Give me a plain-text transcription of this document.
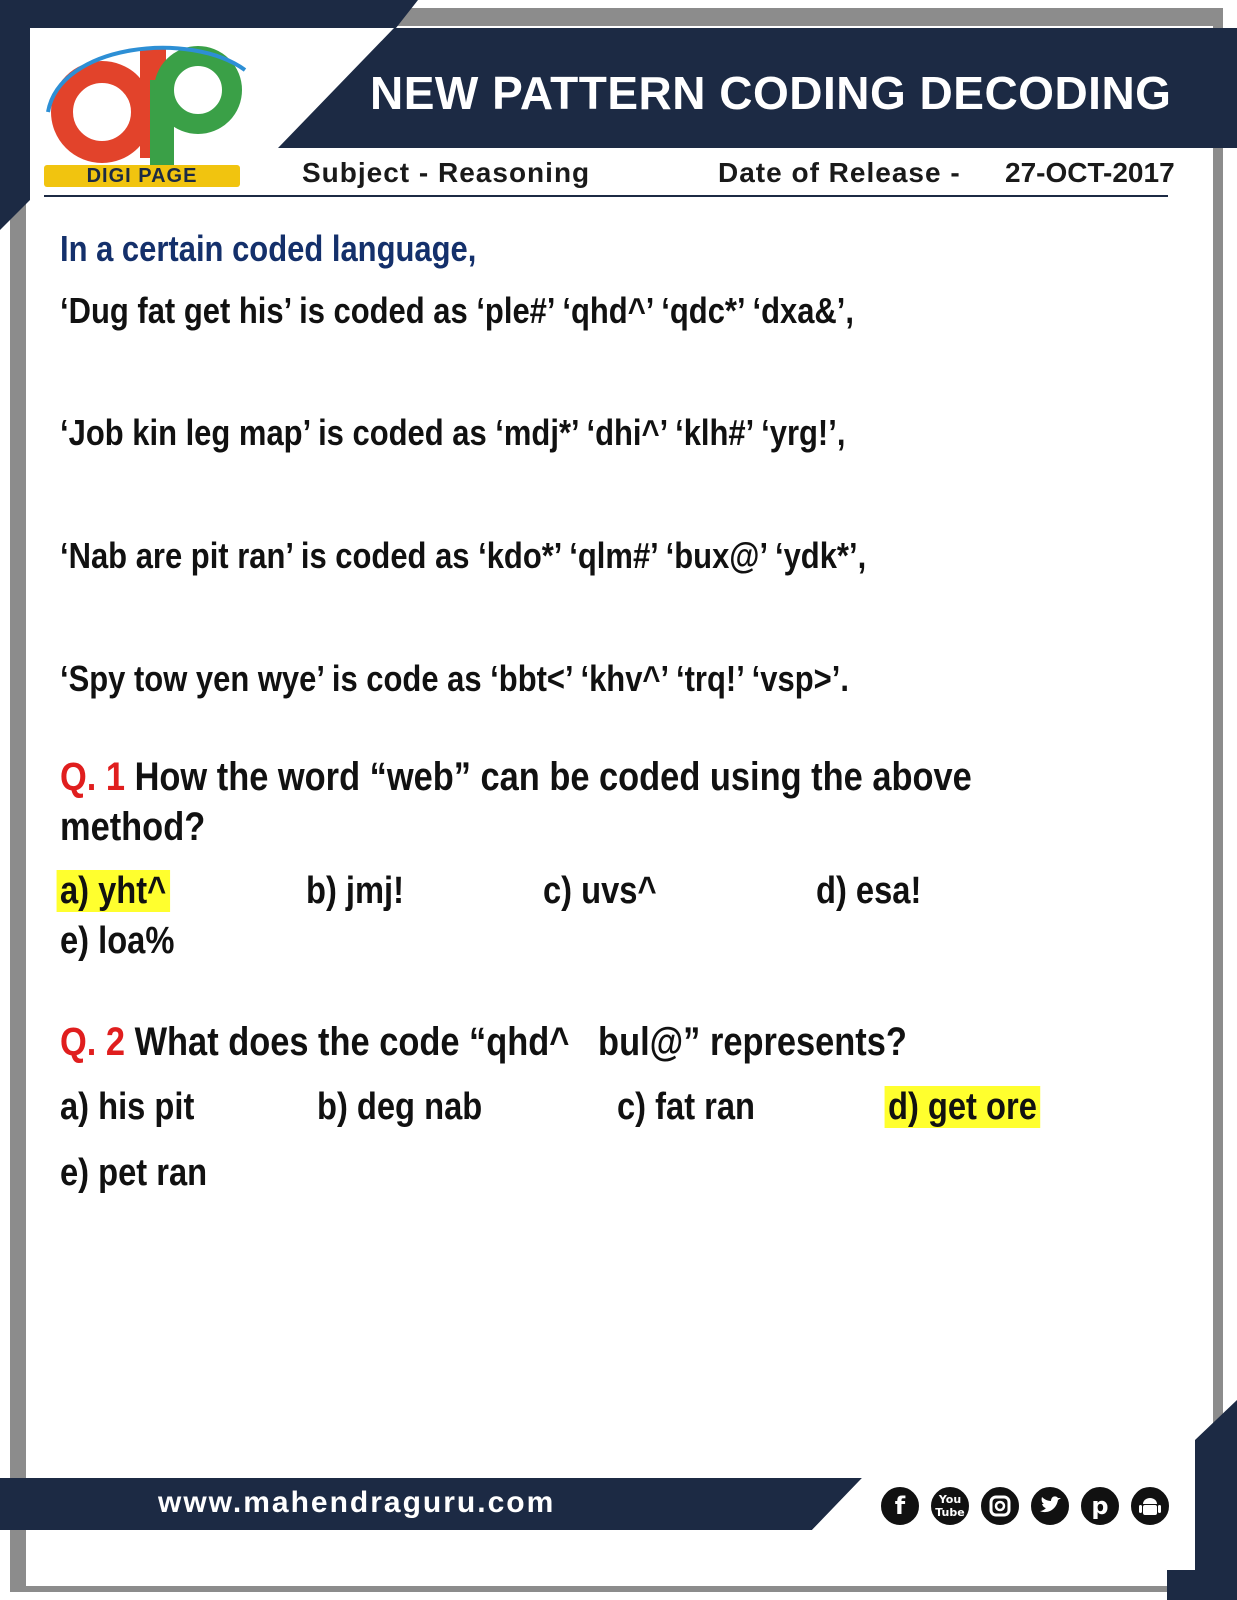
NEW PATTERN CODING DECODING
DIGI PAGE	Subject - Reasoning	Date of Release - 27-OCT-2017
In a certain coded language,
‘Dug fat get his’ is coded as ‘ple#’ ‘qhd^’ ‘qdc*’ ‘dxa&’,
‘Job kin leg map’ is coded as ‘mdj*’ ‘dhi^’ ‘klh#’ ‘yrg!’,
‘Nab are pit ran’ is coded as ‘kdo*’ ‘qlm#’ ‘bux@’ ‘ydk*’,
‘Spy tow yen wye’ is code as ‘bbt<’ ‘khv^’ ‘trq!’ ‘vsp>’.
Q. 1 How the word “web” can be coded using the above
method?
a) yht^	b) jmj!	c) uvs^	d) esa!
e) loa%
Q. 2 What does the code “qhd^   bul@” represents?
a) his pit	b) deg nab	c) fat ran	d) get ore
e) pet ran
www.mahendraguru.com	f	You Tube	p
